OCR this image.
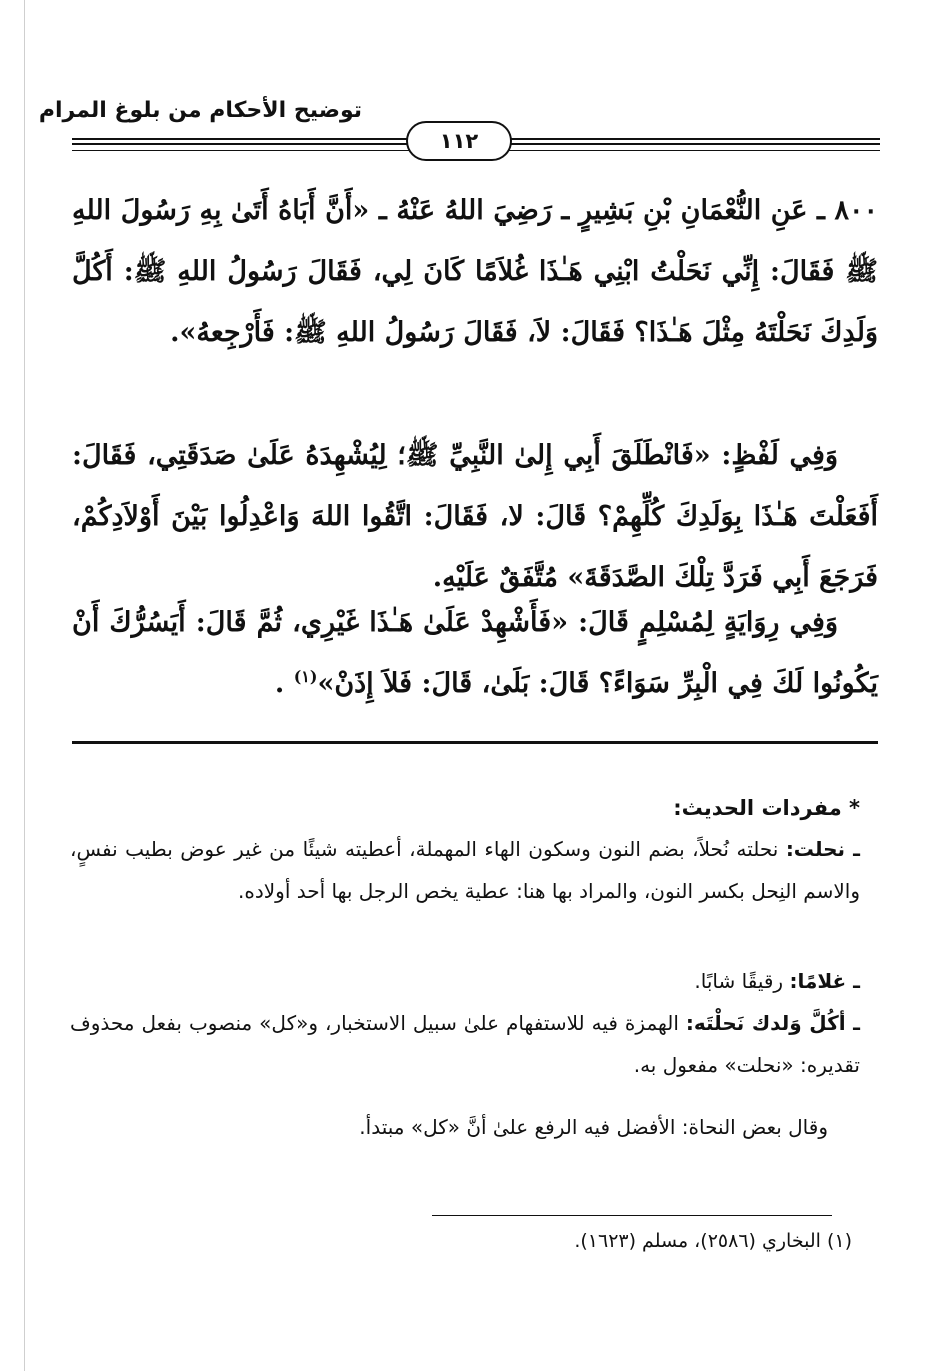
توضيح الأحكام من بلوغ المرام
١١٢

٨٠٠ ـ عَنِ النُّعْمَانِ بْنِ بَشِيرٍ ـ رَضِيَ اللهُ عَنْهُ ـ «أَنَّ أَبَاهُ أَتَىٰ بِهِ رَسُولَ اللهِ ﷺ فَقَالَ: إِنِّي نَحَلْتُ ابْنِي هَـٰذَا غُلاَمًا كَانَ لِي، فَقَالَ رَسُولُ اللهِ ﷺ: أَكُلَّ وَلَدِكَ نَحَلْتَهُ مِثْلَ هَـٰذَا؟ فَقَالَ: لاَ، فَقَالَ رَسُولُ اللهِ ﷺ: فَأَرْجِعهُ».

وَفِي لَفْظٍ: «فَانْطَلَقَ أَبِي إِلىٰ النَّبِيِّ ﷺ؛ لِيُشْهِدَهُ عَلَىٰ صَدَقَتِي، فَقَالَ: أَفَعَلْتَ هَـٰذَا بِوَلَدِكَ كُلِّهِمْ؟ قَالَ: لا، فَقَالَ: اتَّقُوا اللهَ وَاعْدِلُوا بَيْنَ أَوْلاَدِكُمْ، فَرَجَعَ أَبِي فَرَدَّ تِلْكَ الصَّدَقَةَ» مُتَّفَقٌ عَلَيْهِ.

وَفِي رِوَايَةٍ لِمُسْلِمٍ قَالَ: «فَأَشْهِدْ عَلَىٰ هَـٰذَا غَيْرِي، ثُمَّ قَالَ: أَيَسُرُّكَ أَنْ يَكُونُوا لَكَ فِي الْبِرِّ سَوَاءً؟ قَالَ: بَلَىٰ، قَالَ: فَلاَ إِذَنْ»$^{(١)}$ .

* مفردات الحديث:

ـ نحلت: نحلته نُحلاً، بضم النون وسكون الهاء المهملة، أعطيته شيئًا من غير عوض بطيب نفسٍ، والاسم النِحل بكسر النون، والمراد بها هنا: عطية يخص الرجل بها أحد أولاده.

ـ غلامًا: رقيقًا شابًا.

ـ أكُلَّ وَلدك نَحلْتَه: الهمزة فيه للاستفهام علىٰ سبيل الاستخبار، و«كل» منصوب بفعل محذوف تقديره: «نحلت» مفعول به.

وقال بعض النحاة: الأفضل فيه الرفع علىٰ أنَّ «كل» مبتدأ.

(١) البخاري (٢٥٨٦)، مسلم (١٦٢٣).
